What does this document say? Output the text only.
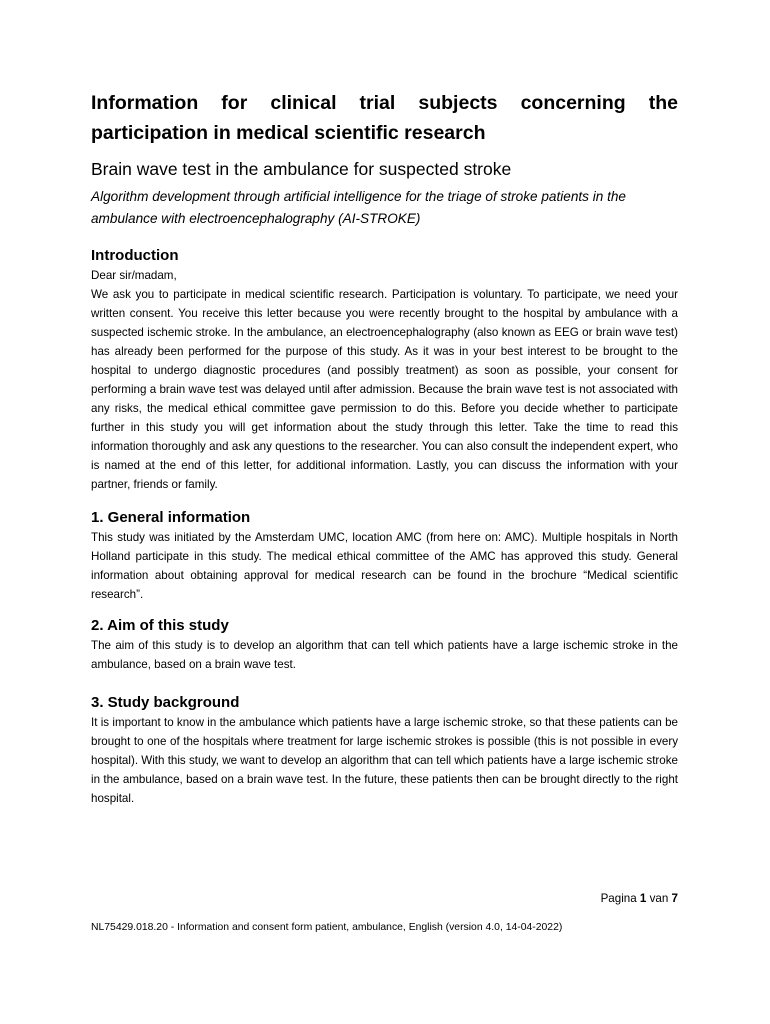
Information for clinical trial subjects concerning the participation in medical scientific research
Brain wave test in the ambulance for suspected stroke
Algorithm development through artificial intelligence for the triage of stroke patients in the ambulance with electroencephalography (AI-STROKE)
Introduction

Dear sir/madam,

We ask you to participate in medical scientific research. Participation is voluntary. To participate, we need your written consent. You receive this letter because you were recently brought to the hospital by ambulance with a suspected ischemic stroke. In the ambulance, an electroencephalography (also known as EEG or brain wave test) has already been performed for the purpose of this study. As it was in your best interest to be brought to the hospital to undergo diagnostic procedures (and possibly treatment) as soon as possible, your consent for performing a brain wave test was delayed until after admission. Because the brain wave test is not associated with any risks, the medical ethical committee gave permission to do this. Before you decide whether to participate further in this study you will get information about the study through this letter. Take the time to read this information thoroughly and ask any questions to the researcher. You can also consult the independent expert, who is named at the end of this letter, for additional information. Lastly, you can discuss the information with your partner, friends or family.

1. General information

This study was initiated by the Amsterdam UMC, location AMC (from here on: AMC). Multiple hospitals in North Holland participate in this study. The medical ethical committee of the AMC has approved this study. General information about obtaining approval for medical research can be found in the brochure “Medical scientific research”.

2. Aim of this study

The aim of this study is to develop an algorithm that can tell which patients have a large ischemic stroke in the ambulance, based on a brain wave test.

3. Study background

It is important to know in the ambulance which patients have a large ischemic stroke, so that these patients can be brought to one of the hospitals where treatment for large ischemic strokes is possible (this is not possible in every hospital). With this study, we want to develop an algorithm that can tell which patients have a large ischemic stroke in the ambulance, based on a brain wave test. In the future, these patients then can be brought directly to the right hospital.

Pagina 1 van 7
NL75429.018.20 - Information and consent form patient, ambulance, English (version 4.0, 14-04-2022)
